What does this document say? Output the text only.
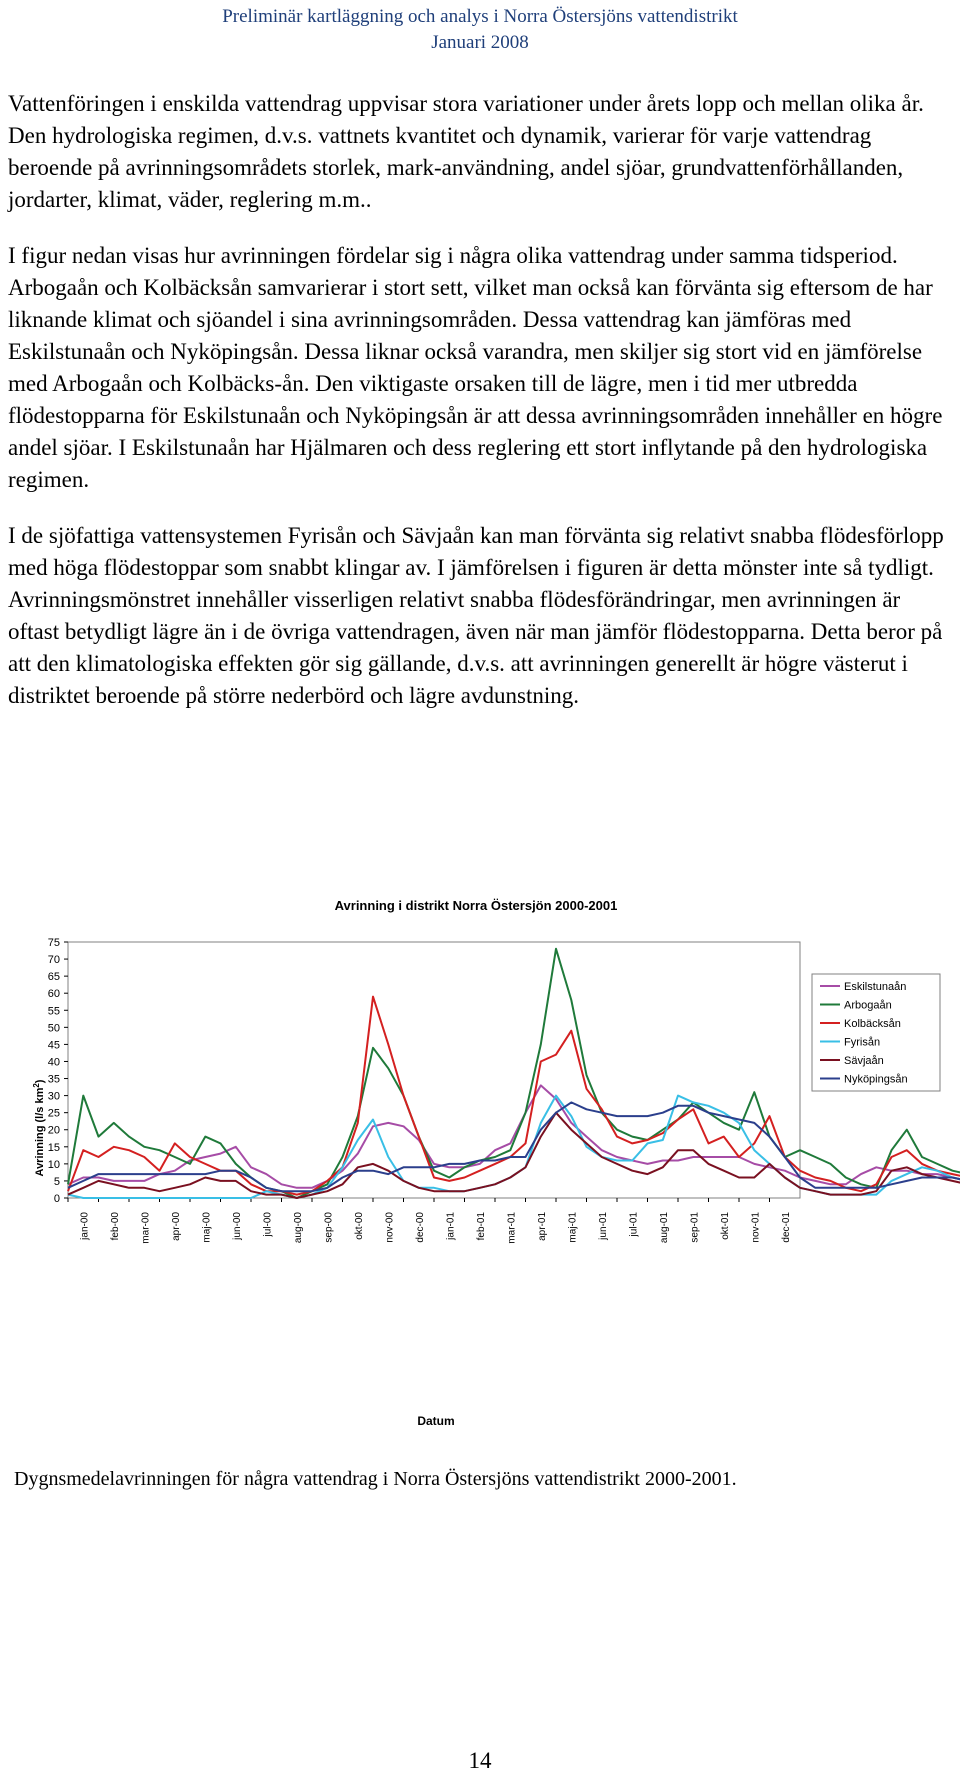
Preliminär kartläggning och analys i Norra Östersjöns vattendistrikt
Januari 2008

Vattenföringen i enskilda vattendrag uppvisar stora variationer under årets lopp och mellan olika år. Den hydrologiska regimen, d.v.s. vattnets kvantitet och dynamik, varierar för varje vattendrag beroende på avrinningsområdets storlek, mark-användning, andel sjöar, grundvattenförhållanden, jordarter, klimat, väder, reglering m.m..

I figur nedan visas hur avrinningen fördelar sig i några olika vattendrag under samma tidsperiod. Arbogaån och Kolbäcksån samvarierar i stort sett, vilket man också kan förvänta sig eftersom de har liknande klimat och sjöandel i sina avrinningsområden. Dessa vattendrag kan jämföras med Eskilstunaån och Nyköpingsån. Dessa liknar också varandra, men skiljer sig stort vid en jämförelse med Arbogaån och Kolbäcks-ån. Den viktigaste orsaken till de lägre, men i tid mer utbredda flödestopparna för Eskilstunaån och Nyköpingsån är att dessa avrinningsområden innehåller en högre andel sjöar. I Eskilstunaån har Hjälmaren och dess reglering ett stort inflytande på den hydrologiska regimen.

I de sjöfattiga vattensystemen Fyrisån och Sävjaån kan man förvänta sig relativt snabba flödesförlopp med höga flödestoppar som snabbt klingar av. I jämförelsen i figuren är detta mönster inte så tydligt. Avrinningsmönstret innehåller visserligen relativt snabba flödesförändringar, men avrinningen är oftast betydligt lägre än i de övriga vattendragen, även när man jämför flödestopparna. Detta beror på att den klimatologiska effekten gör sig gällande, d.v.s. att avrinningen generellt är högre västerut i distriktet beroende på större nederbörd och lägre avdunstning.

Avrinning i distrikt Norra Östersjön 2000-2001
0
5
10
15
20
25
30
35
40
45
50
55
60
65
70
75
jan-00 feb-00 mar-00 apr-00 maj-00 jun-00 jul-00 aug-00 sep-00 okt-00 nov-00 dec-00 jan-01 feb-01 mar-01 apr-01 maj-01 jun-01 jul-01 aug-01 sep-01 okt-01 nov-01 dec-01
Avrinning (l/s $km^2$)
Datum
Eskilstunaån
Arbogaån
Kolbäcksån
Fyrisån
Sävjaån
Nyköpingsån
Dygnsmedelavrinningen för några vattendrag i Norra Östersjöns vattendistrikt 2000-2001.
14
